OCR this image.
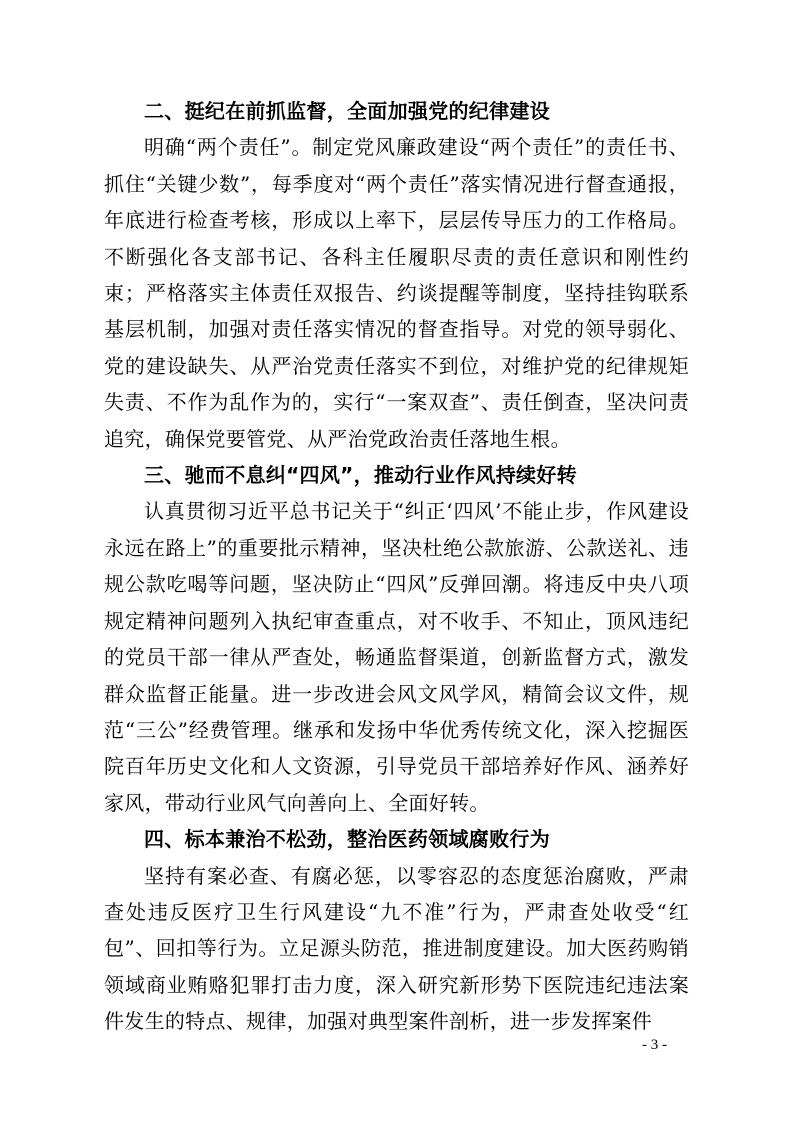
二、挺纪在前抓监督，全面加强党的纪律建设

明确“两个责任”。制定党风廉政建设“两个责任”的责任书、抓住“关键少数”，每季度对“两个责任”落实情况进行督查通报，年底进行检查考核，形成以上率下，层层传导压力的工作格局。不断强化各支部书记、各科主任履职尽责的责任意识和刚性约束；严格落实主体责任双报告、约谈提醒等制度，坚持挂钩联系基层机制，加强对责任落实情况的督查指导。对党的领导弱化、党的建设缺失、从严治党责任落实不到位，对维护党的纪律规矩失责、不作为乱作为的，实行“一案双查”、责任倒查，坚决问责追究，确保党要管党、从严治党政治责任落地生根。

三、驰而不息纠“四风”，推动行业作风持续好转

认真贯彻习近平总书记关于“纠正‘四风’不能止步，作风建设永远在路上”的重要批示精神，坚决杜绝公款旅游、公款送礼、违规公款吃喝等问题，坚决防止“四风”反弹回潮。将违反中央八项规定精神问题列入执纪审查重点，对不收手、不知止，顶风违纪的党员干部一律从严查处，畅通监督渠道，创新监督方式，激发群众监督正能量。进一步改进会风文风学风，精简会议文件，规范“三公”经费管理。继承和发扬中华优秀传统文化，深入挖掘医院百年历史文化和人文资源，引导党员干部培养好作风、涵养好家风，带动行业风气向善向上、全面好转。

四、标本兼治不松劲，整治医药领域腐败行为

坚持有案必查、有腐必惩，以零容忍的态度惩治腐败，严肃查处违反医疗卫生行风建设“九不准”行为，严肃查处收受“红包”、回扣等行为。立足源头防范，推进制度建设。加大医药购销领域商业贿赂犯罪打击力度，深入研究新形势下医院违纪违法案件发生的特点、规律，加强对典型案件剖析，进一步发挥案件

- 3 -
